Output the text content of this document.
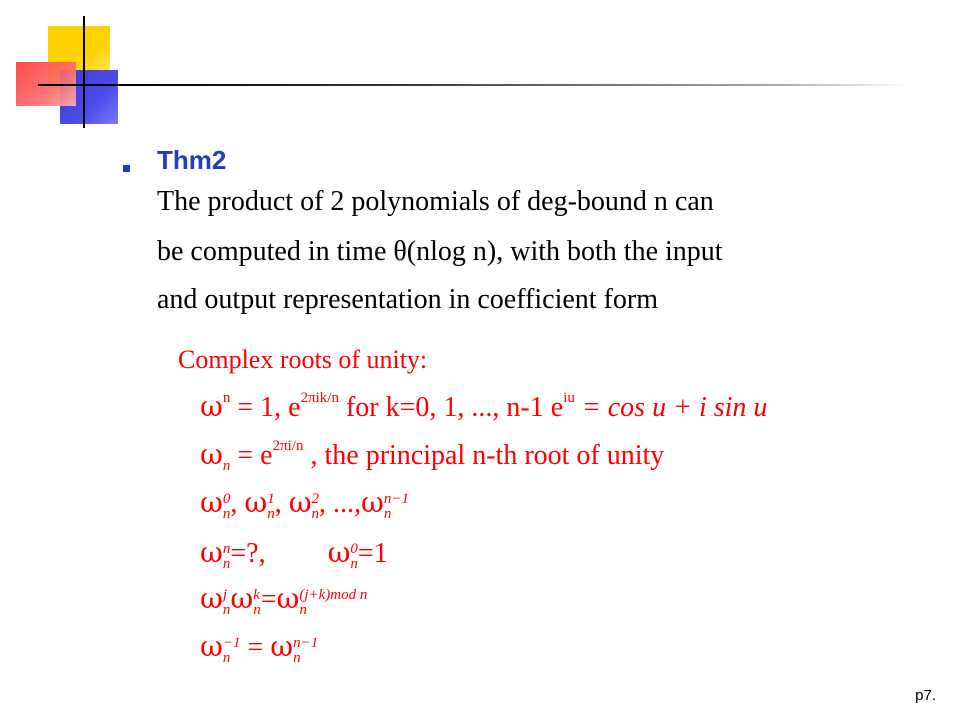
Thm2

The product of 2 polynomials of deg-bound n can

be computed in time θ(nlog n), with both the input

and output representation in coefficient form

Complex roots of unity:

$\omega^n = 1$, $e^{2\pi ik/n}$ for k=0, 1, ..., n-1 $e^{iu} = \cos u + i$ sin u

$\omega_n = e^{2\pi i/n}$ , the principal n-th root of unity

ω 0
n , ω 1
n , ω 2
n , ...,ω n−1
n

ω n
n =?, ω 0
n =1

ω j
n ω k
n =ω (j+k)mod n
n

ω −1
n = ω n−1
n

p7.
